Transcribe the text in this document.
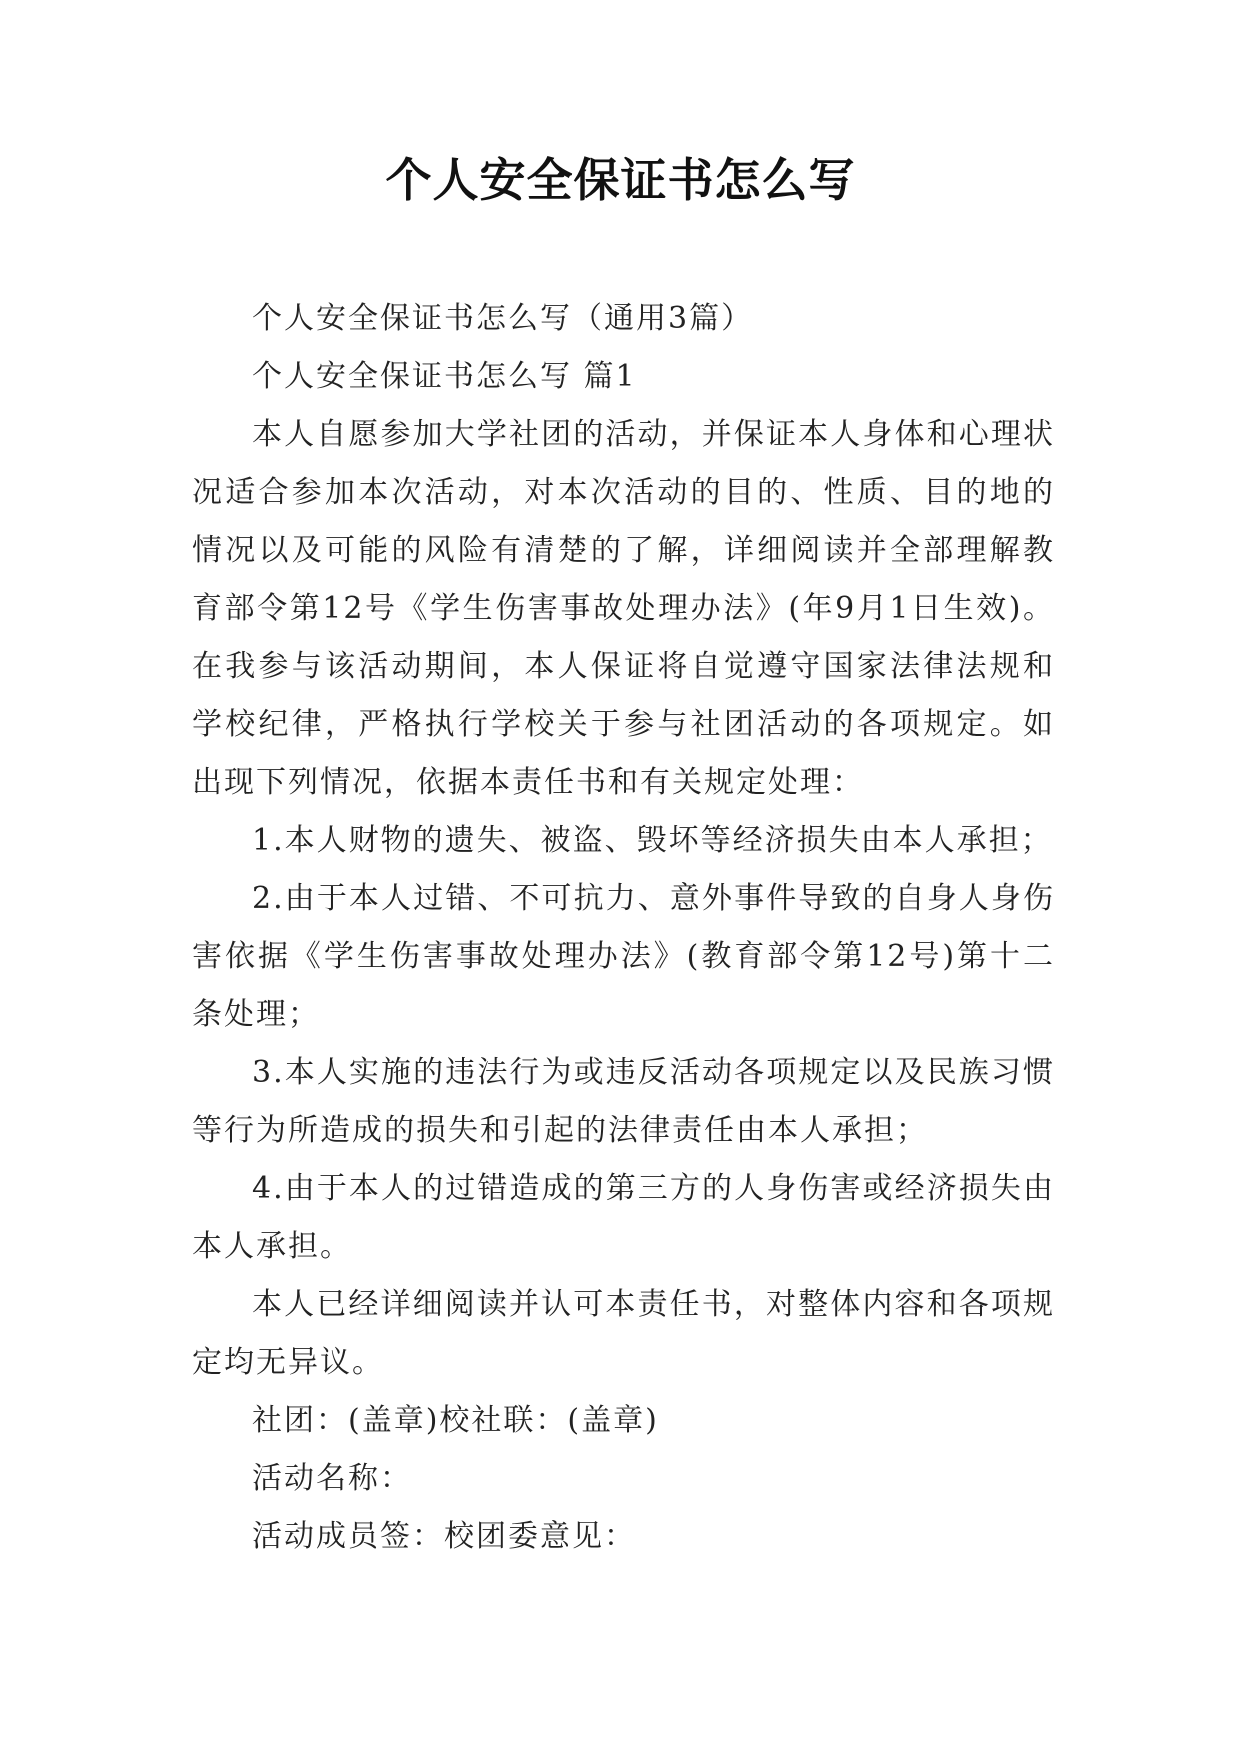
个人安全保证书怎么写

个人安全保证书怎么写（通用3篇）

个人安全保证书怎么写 篇1

本人自愿参加大学社团的活动，并保证本人身体和心理状况适合参加本次活动，对本次活动的目的、性质、目的地的情况以及可能的风险有清楚的了解，详细阅读并全部理解教育部令第12号《学生伤害事故处理办法》(年9月1日生效)。在我参与该活动期间，本人保证将自觉遵守国家法律法规和学校纪律，严格执行学校关于参与社团活动的各项规定。如出现下列情况，依据本责任书和有关规定处理：

1.本人财物的遗失、被盗、毁坏等经济损失由本人承担；

2.由于本人过错、不可抗力、意外事件导致的自身人身伤害依据《学生伤害事故处理办法》(教育部令第12号)第十二条处理；

3.本人实施的违法行为或违反活动各项规定以及民族习惯等行为所造成的损失和引起的法律责任由本人承担；

4.由于本人的过错造成的第三方的人身伤害或经济损失由本人承担。

本人已经详细阅读并认可本责任书，对整体内容和各项规定均无异议。

社团：(盖章)校社联：(盖章)

活动名称：

活动成员签：校团委意见：
